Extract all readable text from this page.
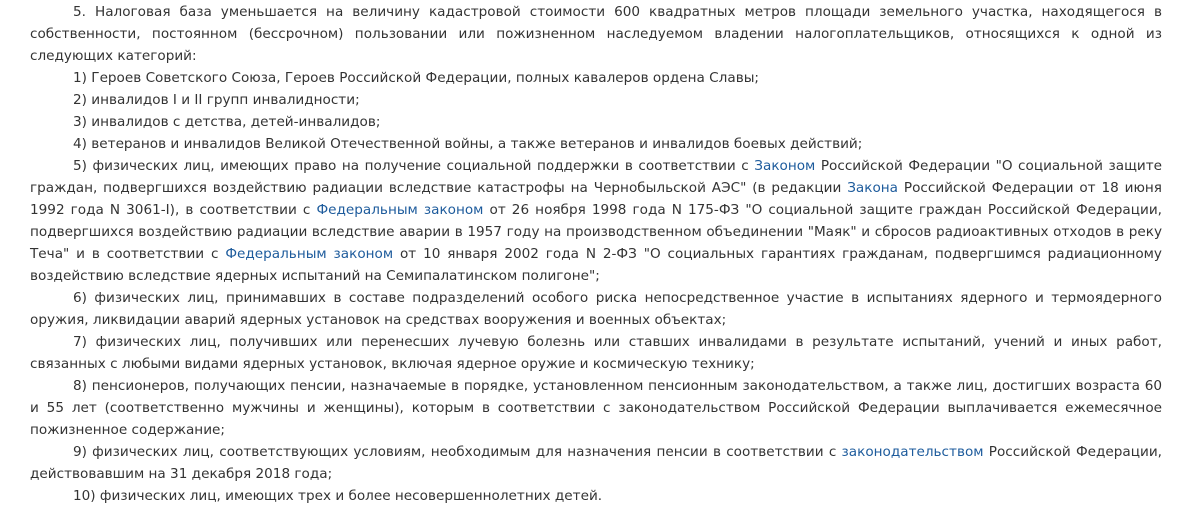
5. Налоговая база уменьшается на величину кадастровой стоимости 600 квадратных метров площади земельного участка, находящегося в собственности, постоянном (бессрочном) пользовании или пожизненном наследуемом владении налогоплательщиков, относящихся к одной из следующих категорий:

1) Героев Советского Союза, Героев Российской Федерации, полных кавалеров ордена Славы;

2) инвалидов I и II групп инвалидности;

3) инвалидов с детства, детей-инвалидов;

4) ветеранов и инвалидов Великой Отечественной войны, а также ветеранов и инвалидов боевых действий;

5) физических лиц, имеющих право на получение социальной поддержки в соответствии с Законом Российской Федерации "О социальной защите граждан, подвергшихся воздействию радиации вследствие катастрофы на Чернобыльской АЭС" (в редакции Закона Российской Федерации от 18 июня 1992 года N 3061-I), в соответствии с Федеральным законом от 26 ноября 1998 года N 175-ФЗ "О социальной защите граждан Российской Федерации, подвергшихся воздействию радиации вследствие аварии в 1957 году на производственном объединении "Маяк" и сбросов радиоактивных отходов в реку Теча" и в соответствии с Федеральным законом от 10 января 2002 года N 2-ФЗ "О социальных гарантиях гражданам, подвергшимся радиационному воздействию вследствие ядерных испытаний на Семипалатинском полигоне";

6) физических лиц, принимавших в составе подразделений особого риска непосредственное участие в испытаниях ядерного и термоядерного оружия, ликвидации аварий ядерных установок на средствах вооружения и военных объектах;

7) физических лиц, получивших или перенесших лучевую болезнь или ставших инвалидами в результате испытаний, учений и иных работ, связанных с любыми видами ядерных установок, включая ядерное оружие и космическую технику;

8) пенсионеров, получающих пенсии, назначаемые в порядке, установленном пенсионным законодательством, а также лиц, достигших возраста 60 и 55 лет (соответственно мужчины и женщины), которым в соответствии с законодательством Российской Федерации выплачивается ежемесячное пожизненное содержание;

9) физических лиц, соответствующих условиям, необходимым для назначения пенсии в соответствии с законодательством Российской Федерации, действовавшим на 31 декабря 2018 года;

10) физических лиц, имеющих трех и более несовершеннолетних детей.
